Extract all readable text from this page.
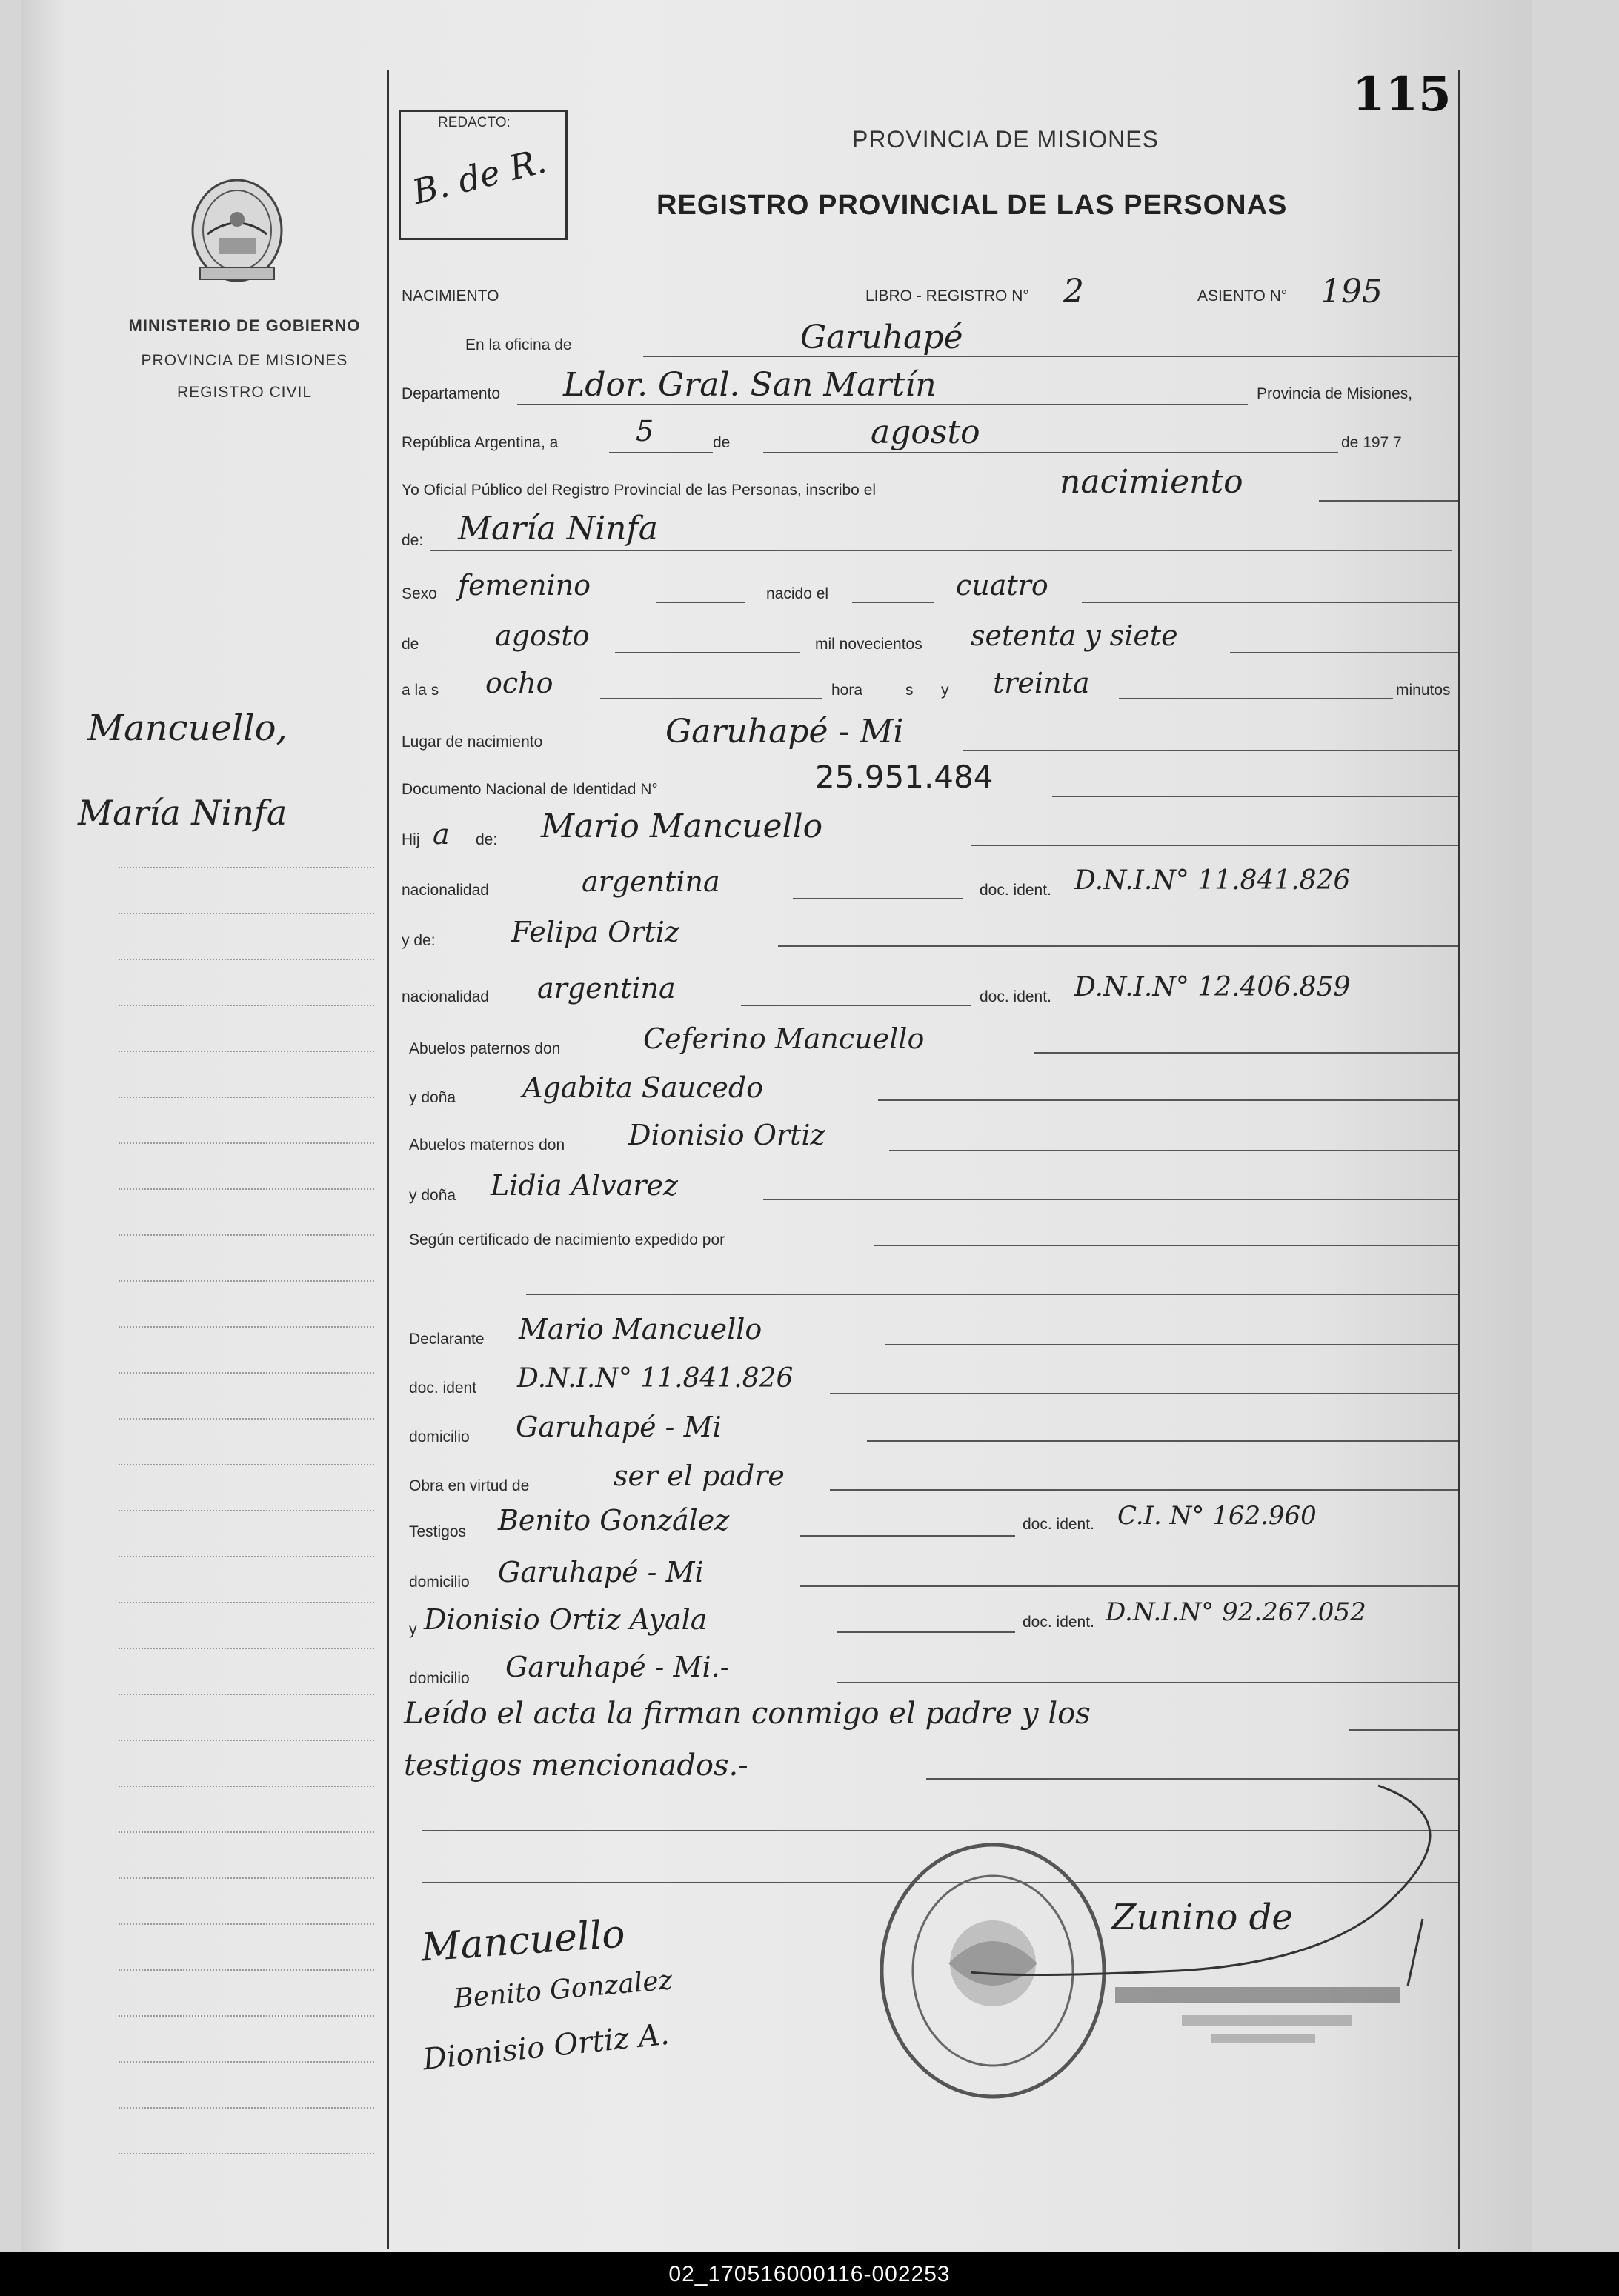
115
REDACTO:
B. de R.
PROVINCIA DE MISIONES
REGISTRO PROVINCIAL DE LAS PERSONAS
MINISTERIO DE GOBIERNO
PROVINCIA DE MISIONES
REGISTRO CIVIL
Mancuello,
María Ninfa
NACIMIENTO	LIBRO - REGISTRO N° 2	ASIENTO N° 195
En la oficina de	Garuhapé
Departamento Ldor. Gral. San Martín	Provincia de Misiones,
República Argentina, a	5	de	agosto	de 197 7
Yo Oficial Público del Registro Provincial de las Personas, inscribo el	nacimiento
de: María Ninfa
Sexo femenino	nacido el	cuatro
de	agosto	mil novecientos setenta y siete
a la s ocho	hora	s y treinta	minutos
Lugar de nacimiento	Garuhapé - Mi
Documento Nacional de Identidad N°	25.951.484
Hij a de: Mario Mancuello
nacionalidad	argentina	doc. ident. D.N.I.N° 11.841.826
y de:	Felipa Ortiz
nacionalidad argentina	doc. ident. D.N.I.N° 12.406.859
Abuelos paternos don	Ceferino Mancuello
y doña Agabita Saucedo
Abuelos maternos don Dionisio Ortiz
y doña Lidia Alvarez
Según certificado de nacimiento expedido por
Declarante Mario Mancuello
doc. ident D.N.I.N° 11.841.826
domicilio Garuhapé - Mi
Obra en virtud de	ser el padre
Testigos Benito González	doc. ident. C.I. N° 162.960
domicilio Garuhapé - Mi
y Dionisio Ortiz Ayala	doc. ident. D.N.I.N° 92.267.052
domicilio Garuhapé - Mi.-
Leído el acta la firman conmigo el padre y los
testigos mencionados.-
Mancuello
Benito Gonzalez
Dionisio Ortiz A.
Zunino de
02_170516000116-002253
